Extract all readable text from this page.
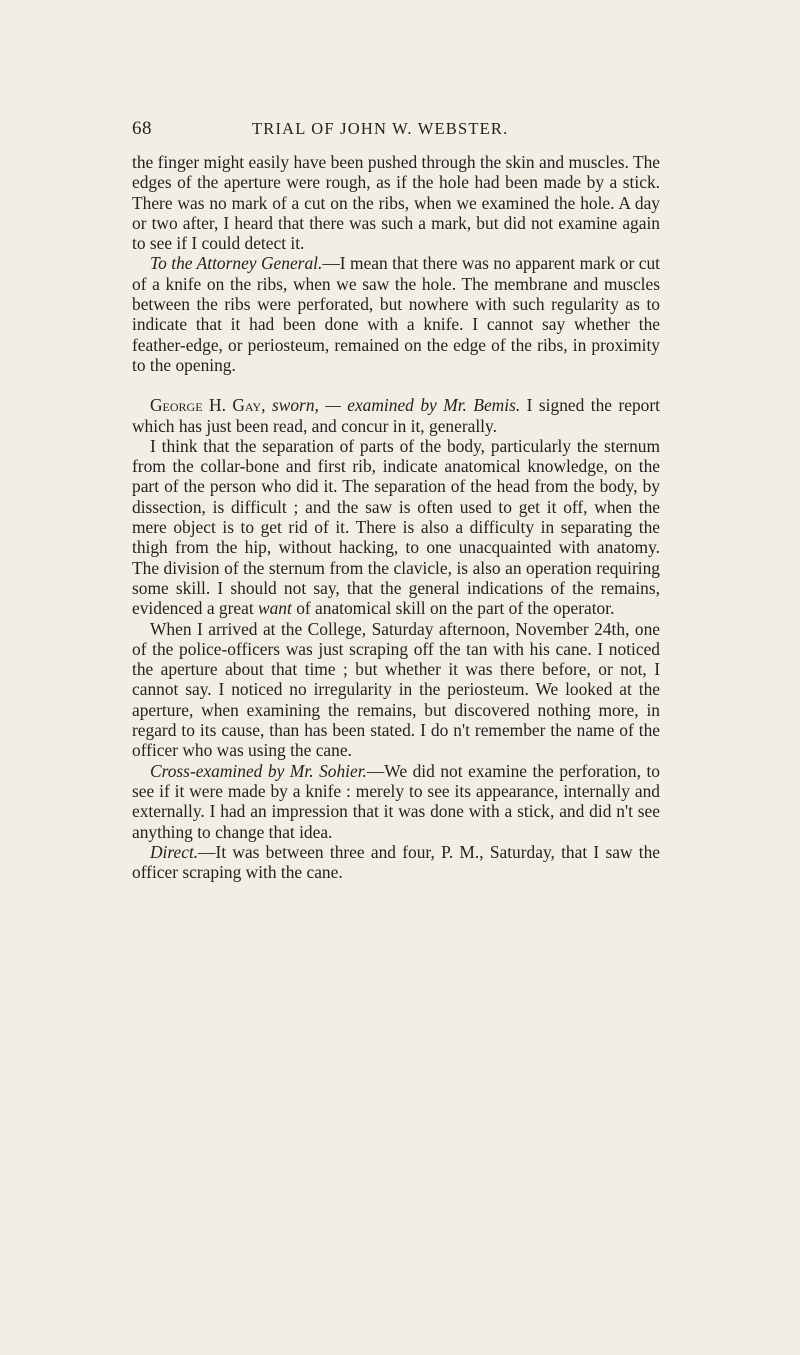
68	TRIAL OF JOHN W. WEBSTER.

the finger might easily have been pushed through the skin and muscles. The edges of the aperture were rough, as if the hole had been made by a stick. There was no mark of a cut on the ribs, when we examined the hole. A day or two after, I heard that there was such a mark, but did not examine again to see if I could detect it.

To the Attorney General.—I mean that there was no apparent mark or cut of a knife on the ribs, when we saw the hole. The membrane and muscles between the ribs were perforated, but nowhere with such regularity as to indicate that it had been done with a knife. I cannot say whether the feather-edge, or periosteum, remained on the edge of the ribs, in proximity to the opening.

George H. Gay, sworn, — examined by Mr. Bemis. I signed the report which has just been read, and concur in it, generally.

I think that the separation of parts of the body, particularly the sternum from the collar-bone and first rib, indicate anatomical knowledge, on the part of the person who did it. The separation of the head from the body, by dissection, is difficult ; and the saw is often used to get it off, when the mere object is to get rid of it. There is also a difficulty in separating the thigh from the hip, without hacking, to one unacquainted with anatomy. The division of the sternum from the clavicle, is also an operation requiring some skill. I should not say, that the general indications of the remains, evidenced a great want of anatomical skill on the part of the operator.

When I arrived at the College, Saturday afternoon, November 24th, one of the police-officers was just scraping off the tan with his cane. I noticed the aperture about that time ; but whether it was there before, or not, I cannot say. I noticed no irregularity in the periosteum. We looked at the aperture, when examining the remains, but discovered nothing more, in regard to its cause, than has been stated. I do n't remember the name of the officer who was using the cane.

Cross-examined by Mr. Sohier.—We did not examine the perforation, to see if it were made by a knife : merely to see its appearance, internally and externally. I had an impression that it was done with a stick, and did n't see anything to change that idea.

Direct.—It was between three and four, P. M., Saturday, that I saw the officer scraping with the cane.
